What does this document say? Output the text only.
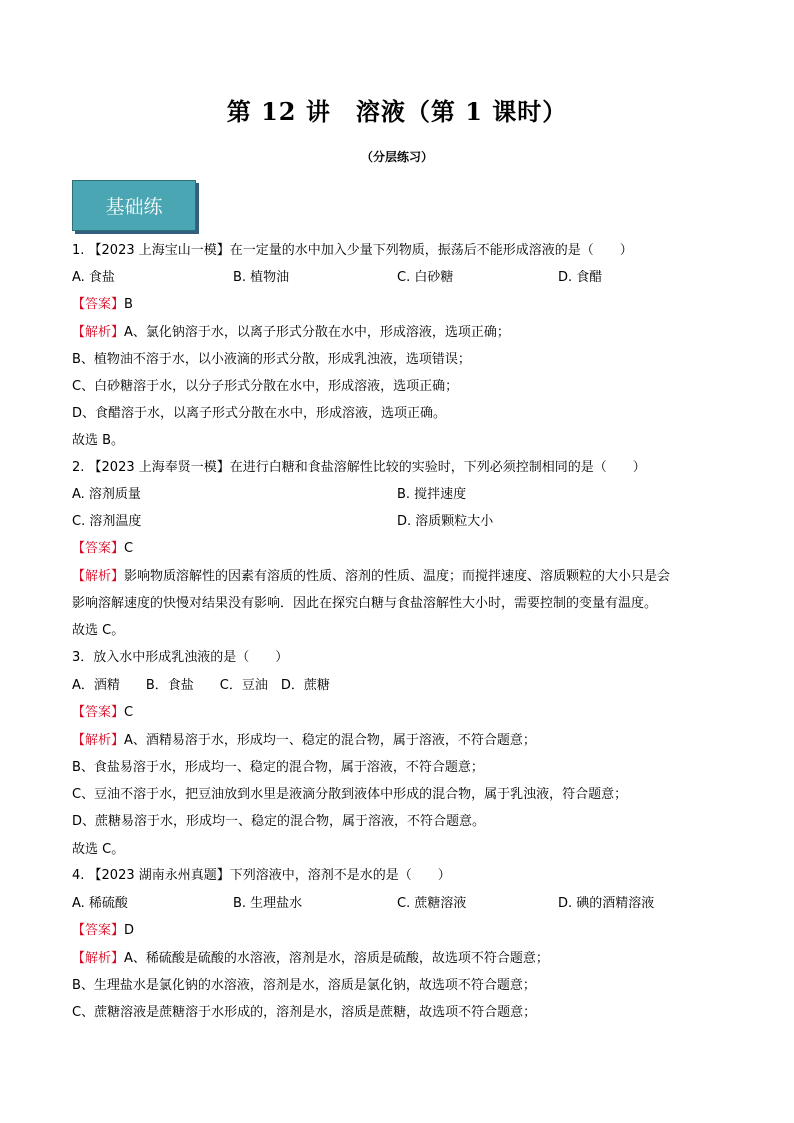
第 12 讲　溶液（第 1 课时）
（分层练习）
基础练
1. 【2023 上海宝山一模】在一定量的水中加入少量下列物质，振荡后不能形成溶液的是（　　）
A. 食盐	B. 植物油	C. 白砂糖	D. 食醋
【答案】B
【解析】A、氯化钠溶于水，以离子形式分散在水中，形成溶液，选项正确；
B、植物油不溶于水，以小液滴的形式分散，形成乳浊液，选项错误；
C、白砂糖溶于水，以分子形式分散在水中，形成溶液，选项正确；
D、食醋溶于水，以离子形式分散在水中，形成溶液，选项正确。
故选 B。
2. 【2023 上海奉贤一模】在进行白糖和食盐溶解性比较的实验时，下列必须控制相同的是（　　）
A. 溶剂质量	B. 搅拌速度
C. 溶剂温度	D. 溶质颗粒大小
【答案】C
【解析】影响物质溶解性的因素有溶质的性质、溶剂的性质、温度；而搅拌速度、溶质颗粒的大小只是会
影响溶解速度的快慢对结果没有影响．因此在探究白糖与食盐溶解性大小时，需要控制的变量有温度。
故选 C。
3．放入水中形成乳浊液的是（　　）
A．酒精　　B．食盐　　C．豆油　D．蔗糖
【答案】C
【解析】A、酒精易溶于水，形成均一、稳定的混合物，属于溶液，不符合题意；
B、食盐易溶于水，形成均一、稳定的混合物，属于溶液，不符合题意；
C、豆油不溶于水，把豆油放到水里是液滴分散到液体中形成的混合物，属于乳浊液，符合题意；
D、蔗糖易溶于水，形成均一、稳定的混合物，属于溶液，不符合题意。
故选 C。
4. 【2023 湖南永州真题】下列溶液中，溶剂不是水的是（　　）
A. 稀硫酸	B. 生理盐水	C. 蔗糖溶液	D. 碘的酒精溶液
【答案】D
【解析】A、稀硫酸是硫酸的水溶液，溶剂是水，溶质是硫酸，故选项不符合题意；
B、生理盐水是氯化钠的水溶液，溶剂是水，溶质是氯化钠，故选项不符合题意；
C、蔗糖溶液是蔗糖溶于水形成的，溶剂是水，溶质是蔗糖，故选项不符合题意；
